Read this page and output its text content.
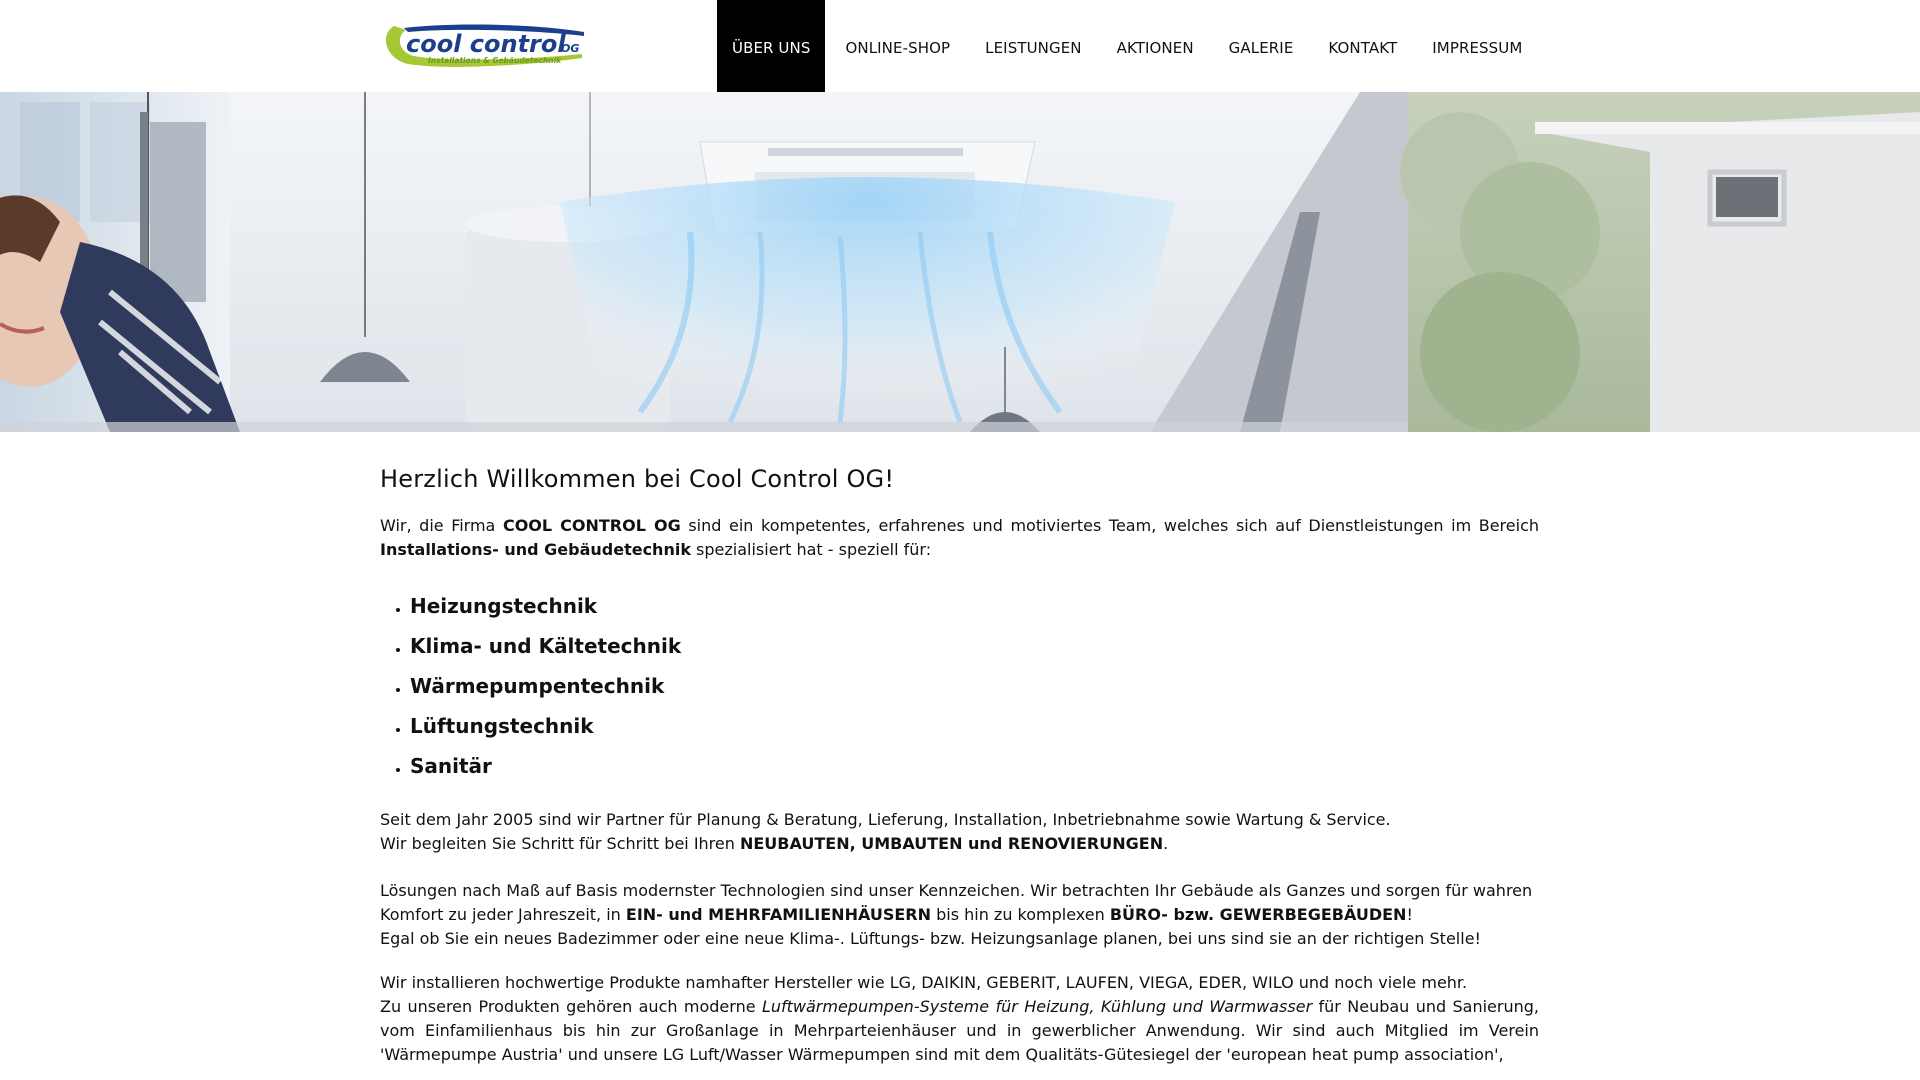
cool control
OG
Installations & Gebäudetechnik
ÜBER UNS	ONLINE-SHOP	LEISTUNGEN	AKTIONEN	GALERIE	KONTAKT	IMPRESSUM
Herzlich Willkommen bei Cool Control OG!

Wir, die Firma COOL CONTROL OG sind ein kompetentes, erfahrenes und motiviertes Team, welches sich auf Dienstleistungen im Bereich Installations- und Gebäudetechnik spezialisiert hat - speziell für:

• Heizungstechnik
• Klima- und Kältetechnik
• Wärmepumpentechnik
• Lüftungstechnik
• Sanitär

Seit dem Jahr 2005 sind wir Partner für Planung & Beratung, Lieferung, Installation, Inbetriebnahme sowie Wartung & Service.

Wir begleiten Sie Schritt für Schritt bei Ihren NEUBAUTEN, UMBAUTEN und RENOVIERUNGEN.

Lösungen nach Maß auf Basis modernster Technologien sind unser Kennzeichen. Wir betrachten Ihr Gebäude als Ganzes und sorgen für wahren Komfort zu jeder Jahreszeit, in EIN- und MEHRFAMILIENHÄUSERN bis hin zu komplexen BÜRO- bzw. GEWERBEGEBÄUDEN!

Egal ob Sie ein neues Badezimmer oder eine neue Klima-. Lüftungs- bzw. Heizungsanlage planen, bei uns sind sie an der richtigen Stelle!

Wir installieren hochwertige Produkte namhafter Hersteller wie LG, DAIKIN, GEBERIT, LAUFEN, VIEGA, EDER, WILO und noch viele mehr.

Zu unseren Produkten gehören auch moderne Luftwärmepumpen-Systeme für Heizung, Kühlung und Warmwasser für Neubau und Sanierung, vom Einfamilienhaus bis hin zur Großanlage in Mehrparteienhäuser und in gewerblicher Anwendung. Wir sind auch Mitglied im Verein 'Wärmepumpe Austria' und unsere LG Luft/Wasser Wärmepumpen sind mit dem Qualitäts-Gütesiegel der 'european heat pump association',
